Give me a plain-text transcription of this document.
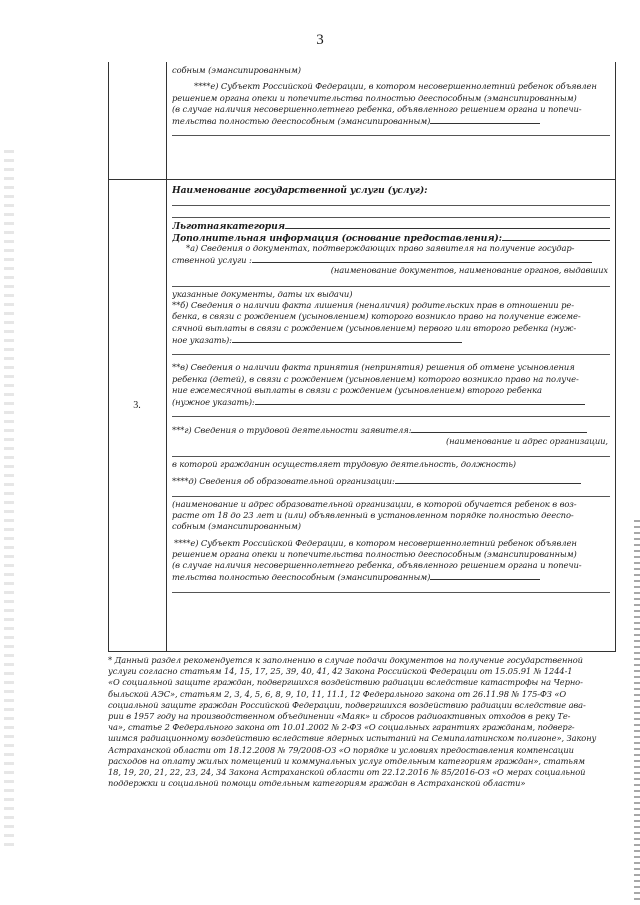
3
собным (эмансипированным)
****е) Субъект Российской Федерации, в котором несовершеннолетний ребенок объявлен
решением органа опеки и попечительства полностью дееспособным (эмансипированным)
(в случае наличия несовершеннолетнего ребенка, объявленного решением органа и попечи-
тельства полностью дееспособным (эмансипированным)
3.
Наименование государственной услуги (услуг):
Льготнаякатегория
Дополнительная информация (основание предоставления):
*а) Сведения о документах, подтверждающих право заявителя на получение государ-
ственной услуги :
(наименование документов, наименование органов, выдавших
указанные документы, даты их выдачи)
**б) Сведения о наличии факта лишения (неналичия) родительских прав в отношении ре-
бенка, в связи с рождением (усыновлением) которого возникло право на получение ежеме-
сячной выплаты в связи с рождением (усыновлением) первого или второго ребенка (нуж-
ное указать):
**в) Сведения о наличии факта принятия (непринятия) решения об отмене усыновления
ребенка (детей), в связи с рождением (усыновлением) которого возникло право на получе-
ние ежемесячной выплаты в связи с рождением (усыновлением) второго ребенка
(нужное указать):
***г) Сведения о трудовой деятельности заявителя:
(наименование и адрес организации,
в которой гражданин осуществляет трудовую деятельность, должность)
****д) Сведения об образовательной организации:
(наименование и адрес образовательной организации, в которой обучается ребенок в воз-
расте от 18 до 23 лет и (или) объявленный в установленном порядке полностью дееспо-
собным (эмансипированным)
****е) Субъект Российской Федерации, в котором несовершеннолетний ребенок объявлен
решением органа опеки и попечительства полностью дееспособным (эмансипированным)
(в случае наличия несовершеннолетнего ребенка, объявленного решением органа и попечи-
тельства полностью дееспособным (эмансипированным)
* Данный раздел рекомендуется к заполнению в случае подачи документов на получение государственной
услуги согласно статьям 14, 15, 17, 25, 39, 40, 41, 42 Закона Российской Федерации от 15.05.91 № 1244-1
«О социальной защите граждан, подвергшихся воздействию радиации вследствие катастрофы на Черно-
быльской АЭС», статьям 2, 3, 4, 5, 6, 8, 9, 10, 11, 11.1, 12 Федерального закона от 26.11.98 № 175-ФЗ «О
социальной защите граждан Российской Федерации, подвергшихся воздействию радиации вследствие ава-
рии в 1957 году на производственном объединении «Маяк» и сбросов радиоактивных отходов в реку Те-
ча», статье 2 Федерального закона от 10.01.2002 № 2-ФЗ «О социальных гарантиях гражданам, подверг-
шимся радиационному воздействию вследствие ядерных испытаний на Семипалатинском полигоне», Закону
Астраханской области от 18.12.2008 № 79/2008-ОЗ «О порядке и условиях предоставления компенсации
расходов на оплату жилых помещений и коммунальных услуг отдельным категориям граждан», статьям
18, 19, 20, 21, 22, 23, 24, 34 Закона Астраханской области от 22.12.2016 № 85/2016-ОЗ «О мерах социальной
поддержки и социальной помощи отдельным категориям граждан в Астраханской области»
